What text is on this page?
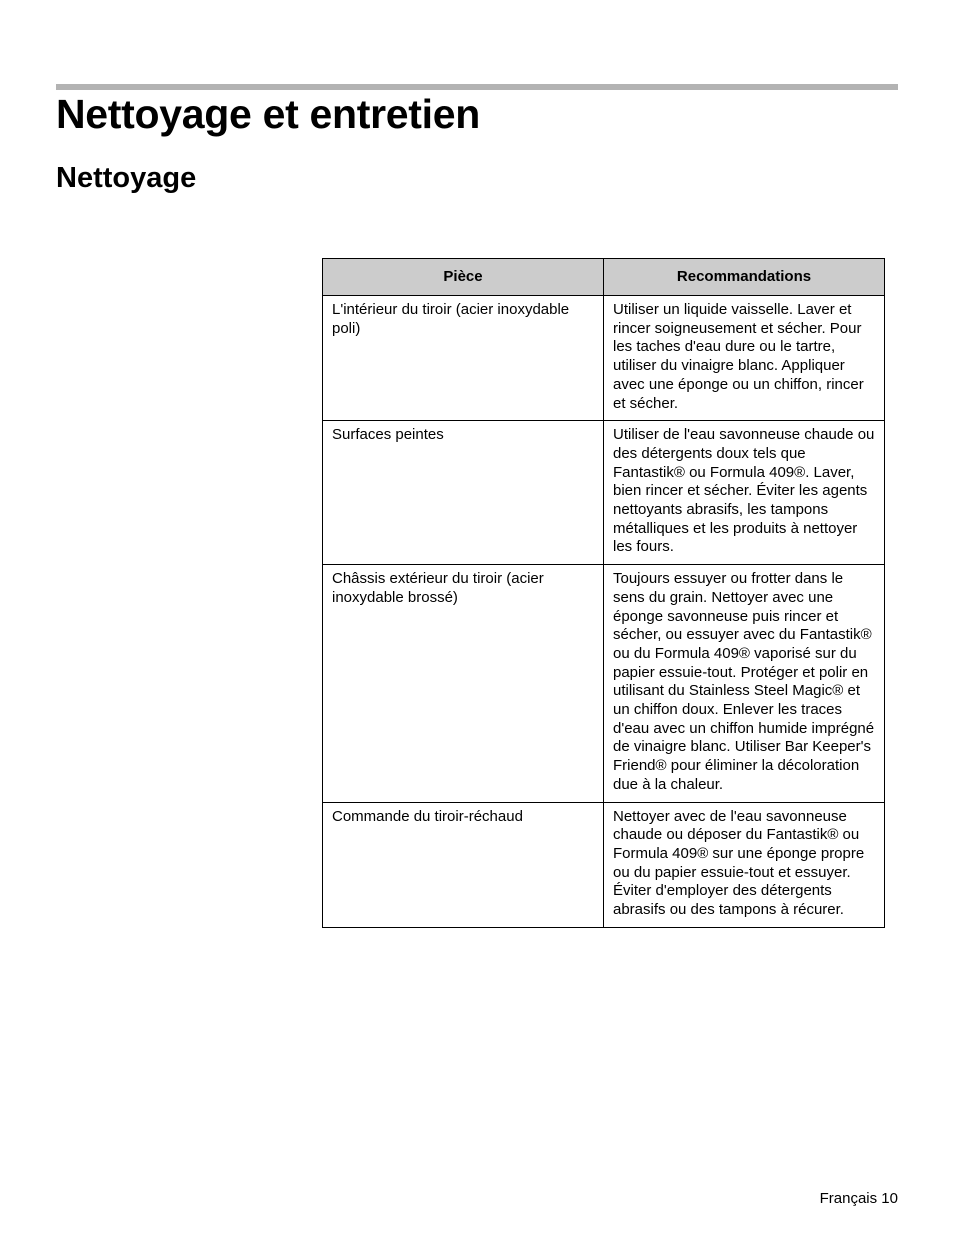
Nettoyage et entretien
Nettoyage
Pièce	Recommandations
L'intérieur du tiroir (acier inoxydable poli)	Utiliser un liquide vaisselle. Laver et rincer soigneusement et sécher. Pour les taches d'eau dure ou le tartre, utiliser du vinaigre blanc. Appliquer avec une éponge ou un chiffon, rincer et sécher.
Surfaces peintes	Utiliser de l'eau savonneuse chaude ou des détergents doux tels que Fantastik® ou Formula 409®. Laver, bien rincer et sécher. Éviter les agents nettoyants abrasifs, les tampons métalliques et les produits à nettoyer les fours.
Châssis extérieur du tiroir (acier inoxydable brossé)	Toujours essuyer ou frotter dans le sens du grain. Nettoyer avec une éponge savonneuse puis rincer et sécher, ou essuyer avec du Fantastik® ou du Formula 409® vaporisé sur du papier essuie-tout. Protéger et polir en utilisant du Stainless Steel Magic® et un chiffon doux. Enlever les traces d'eau avec un chiffon humide imprégné de vinaigre blanc. Utiliser Bar Keeper's Friend® pour éliminer la décoloration due à la chaleur.
Commande du tiroir-réchaud	Nettoyer avec de l'eau savonneuse chaude ou déposer du Fantastik® ou Formula 409® sur une éponge propre ou du papier essuie-tout et essuyer. Éviter d'employer des détergents abrasifs ou des tampons à récurer.
Français 10
